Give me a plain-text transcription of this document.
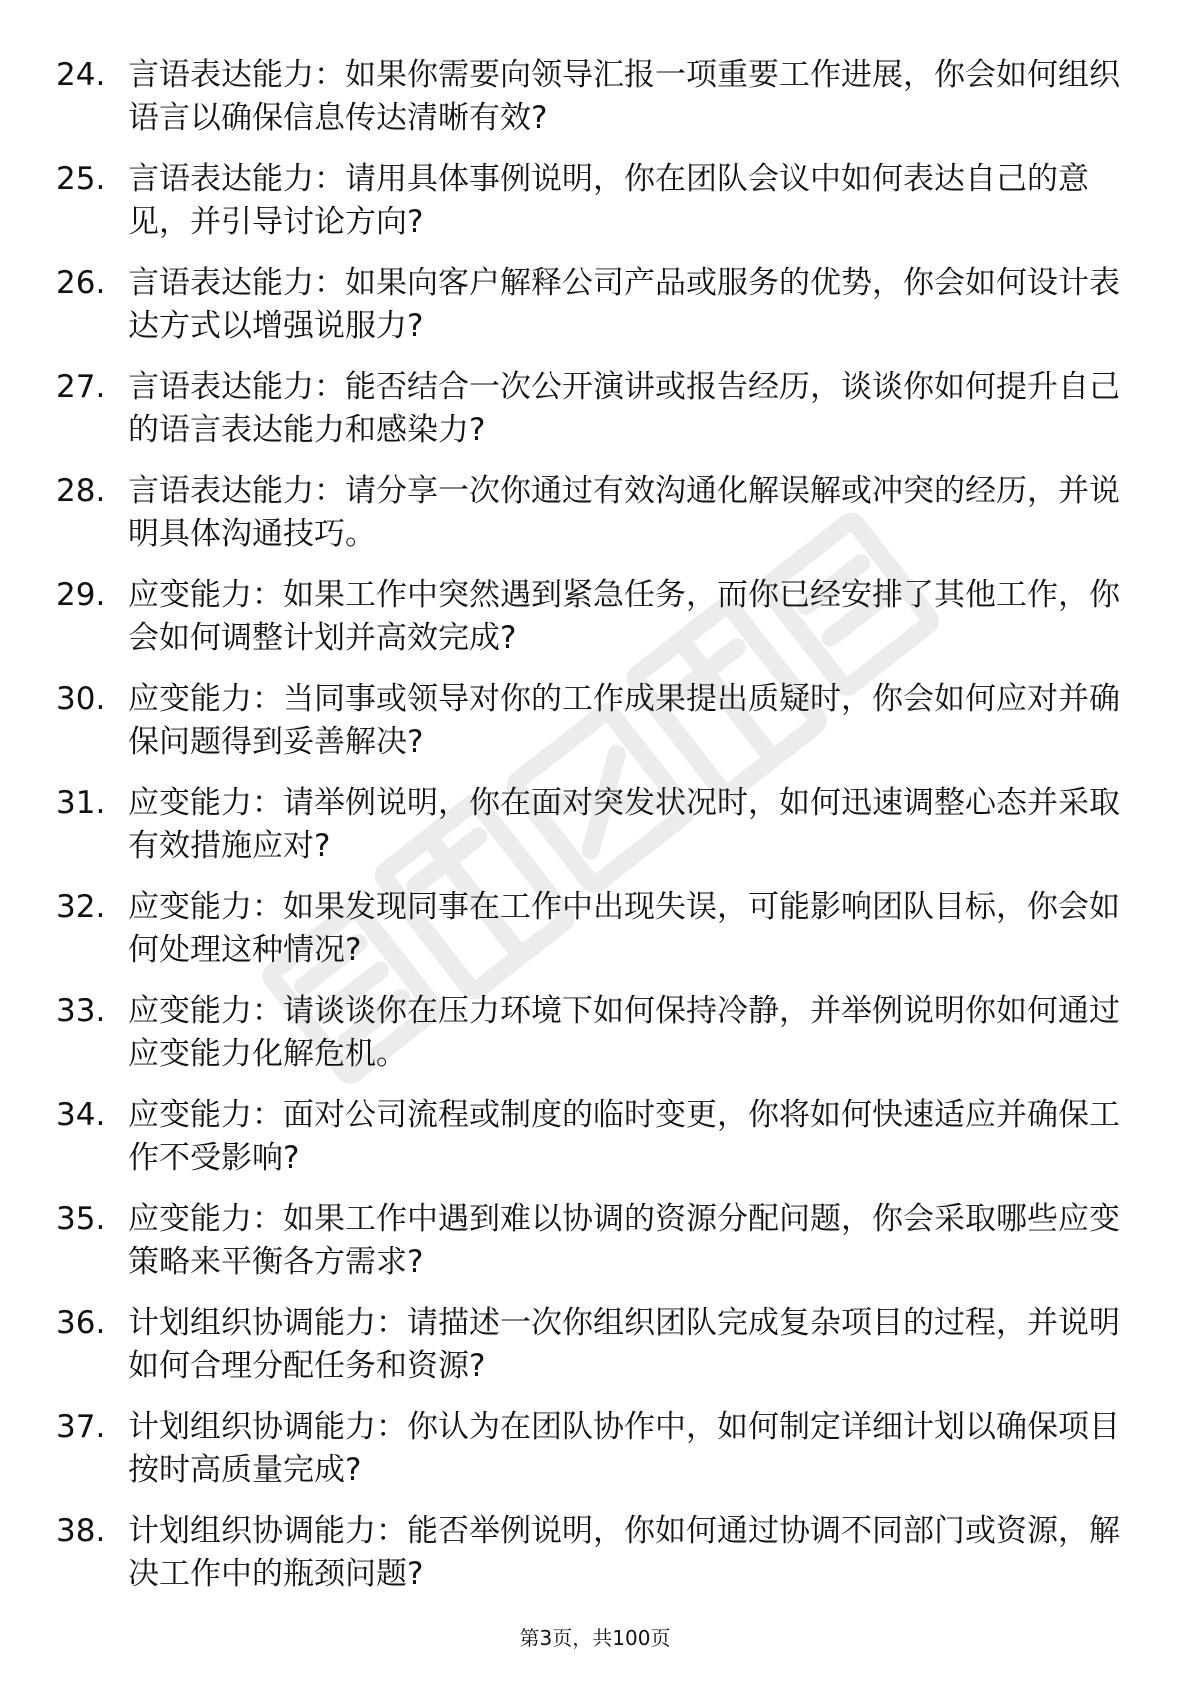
24. 言语表达能力：如果你需要向领导汇报一项重要工作进展，你会如何组织语言以确保信息传达清晰有效?
25. 言语表达能力：请用具体事例说明，你在团队会议中如何表达自己的意见，并引导讨论方向?
26. 言语表达能力：如果向客户解释公司产品或服务的优势，你会如何设计表达方式以增强说服力?
27. 言语表达能力：能否结合一次公开演讲或报告经历，谈谈你如何提升自己的语言表达能力和感染力?
28. 言语表达能力：请分享一次你通过有效沟通化解误解或冲突的经历，并说明具体沟通技巧。
29. 应变能力：如果工作中突然遇到紧急任务，而你已经安排了其他工作，你会如何调整计划并高效完成?
30. 应变能力：当同事或领导对你的工作成果提出质疑时，你会如何应对并确保问题得到妥善解决?
31. 应变能力：请举例说明，你在面对突发状况时，如何迅速调整心态并采取有效措施应对?
32. 应变能力：如果发现同事在工作中出现失误，可能影响团队目标，你会如何处理这种情况?
33. 应变能力：请谈谈你在压力环境下如何保持冷静，并举例说明你如何通过应变能力化解危机。
34. 应变能力：面对公司流程或制度的临时变更，你将如何快速适应并确保工作不受影响?
35. 应变能力：如果工作中遇到难以协调的资源分配问题，你会采取哪些应变策略来平衡各方需求?
36. 计划组织协调能力：请描述一次你组织团队完成复杂项目的过程，并说明如何合理分配任务和资源?
37. 计划组织协调能力：你认为在团队协作中，如何制定详细计划以确保项目按时高质量完成?
38. 计划组织协调能力：能否举例说明，你如何通过协调不同部门或资源，解决工作中的瓶颈问题?
第3页，共100页
